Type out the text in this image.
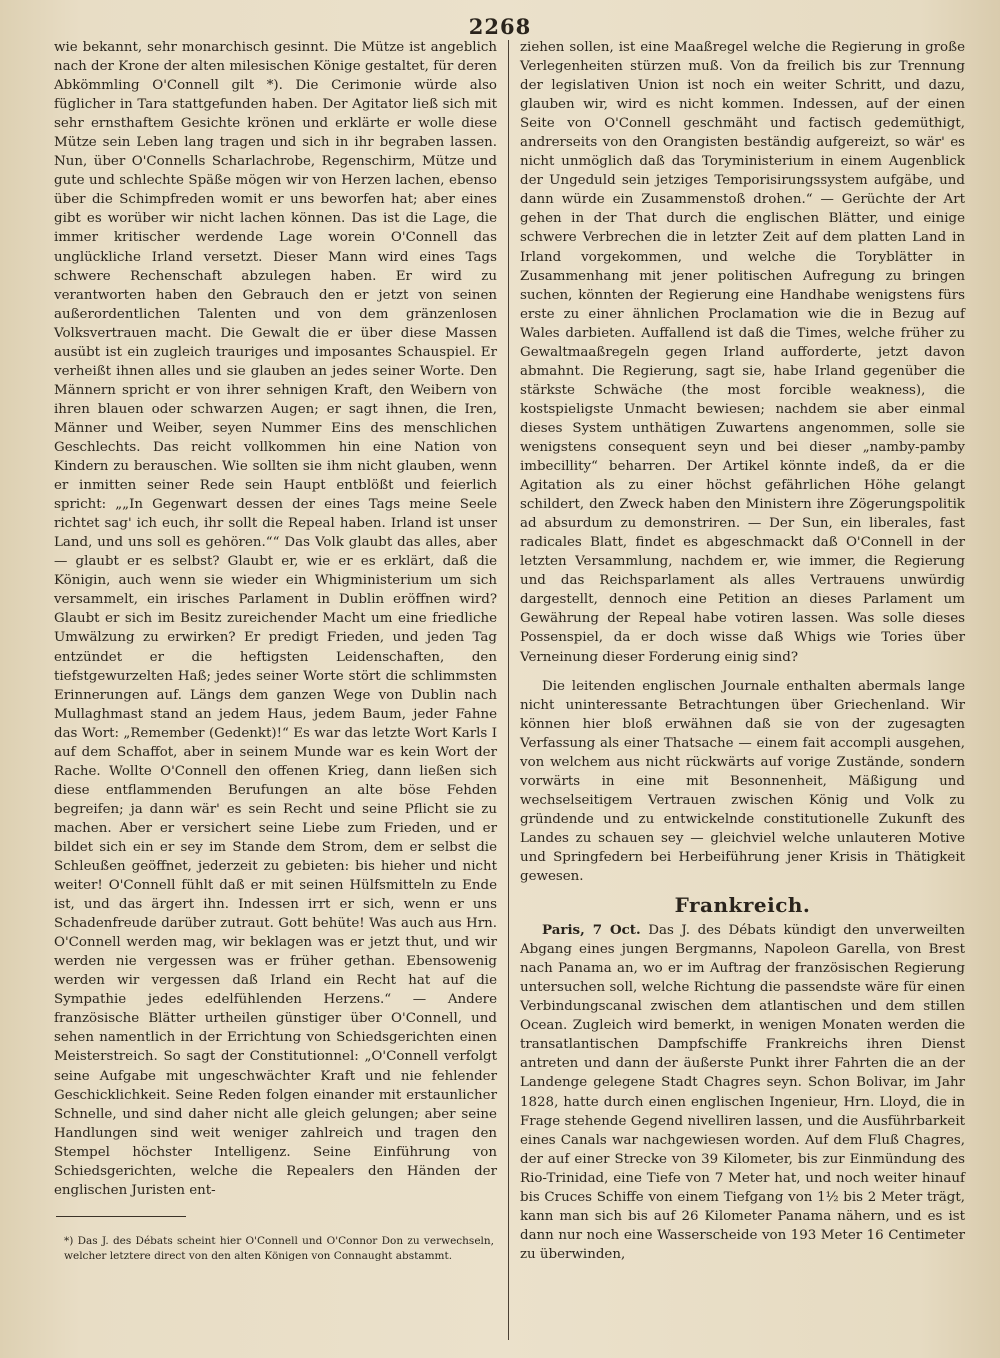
2268

wie bekannt, sehr monarchisch gesinnt. Die Mütze ist angeblich nach der Krone der alten milesischen Könige gestaltet, für deren Abkömmling O'Connell gilt *). Die Cerimonie würde also füglicher in Tara stattgefunden haben. Der Agitator ließ sich mit sehr ernsthaftem Gesichte krönen und erklärte er wolle diese Mütze sein Leben lang tragen und sich in ihr begraben lassen. Nun, über O'Connells Scharlachrobe, Regenschirm, Mütze und gute und schlechte Späße mögen wir von Herzen lachen, ebenso über die Schimpfreden womit er uns beworfen hat; aber eines gibt es worüber wir nicht lachen können. Das ist die Lage, die immer kritischer werdende Lage worein O'Connell das unglückliche Irland versetzt. Dieser Mann wird eines Tags schwere Rechenschaft abzulegen haben. Er wird zu verantworten haben den Gebrauch den er jetzt von seinen außerordentlichen Talenten und von dem gränzenlosen Volksvertrauen macht. Die Gewalt die er über diese Massen ausübt ist ein zugleich trauriges und imposantes Schauspiel. Er verheißt ihnen alles und sie glauben an jedes seiner Worte. Den Männern spricht er von ihrer sehnigen Kraft, den Weibern von ihren blauen oder schwarzen Augen; er sagt ihnen, die Iren, Männer und Weiber, seyen Nummer Eins des menschlichen Geschlechts. Das reicht vollkommen hin eine Nation von Kindern zu berauschen. Wie sollten sie ihm nicht glauben, wenn er inmitten seiner Rede sein Haupt entblößt und feierlich spricht: „„In Gegenwart dessen der eines Tags meine Seele richtet sag' ich euch, ihr sollt die Repeal haben. Irland ist unser Land, und uns soll es gehören.““ Das Volk glaubt das alles, aber — glaubt er es selbst? Glaubt er, wie er es erklärt, daß die Königin, auch wenn sie wieder ein Whigministerium um sich versammelt, ein irisches Parlament in Dublin eröffnen wird? Glaubt er sich im Besitz zureichender Macht um eine friedliche Umwälzung zu erwirken? Er predigt Frieden, und jeden Tag entzündet er die heftigsten Leidenschaften, den tiefstgewurzelten Haß; jedes seiner Worte stört die schlimmsten Erinnerungen auf. Längs dem ganzen Wege von Dublin nach Mullaghmast stand an jedem Haus, jedem Baum, jeder Fahne das Wort: „Remember (Gedenkt)!“ Es war das letzte Wort Karls I auf dem Schaffot, aber in seinem Munde war es kein Wort der Rache. Wollte O'Connell den offenen Krieg, dann ließen sich diese entflammenden Berufungen an alte böse Fehden begreifen; ja dann wär' es sein Recht und seine Pflicht sie zu machen. Aber er versichert seine Liebe zum Frieden, und er bildet sich ein er sey im Stande dem Strom, dem er selbst die Schleußen geöffnet, jederzeit zu gebieten: bis hieher und nicht weiter! O'Connell fühlt daß er mit seinen Hülfsmitteln zu Ende ist, und das ärgert ihn. Indessen irrt er sich, wenn er uns Schadenfreude darüber zutraut. Gott behüte! Was auch aus Hrn. O'Connell werden mag, wir beklagen was er jetzt thut, und wir werden nie vergessen was er früher gethan. Ebensowenig werden wir vergessen daß Irland ein Recht hat auf die Sympathie jedes edelfühlenden Herzens.“ — Andere französische Blätter urtheilen günstiger über O'Connell, und sehen namentlich in der Errichtung von Schiedsgerichten einen Meisterstreich. So sagt der Constitutionnel: „O'Connell verfolgt seine Aufgabe mit ungeschwächter Kraft und nie fehlender Geschicklichkeit. Seine Reden folgen einander mit erstaunlicher Schnelle, und sind daher nicht alle gleich gelungen; aber seine Handlungen sind weit weniger zahlreich und tragen den Stempel höchster Intelligenz. Seine Einführung von Schiedsgerichten, welche die Repealers den Händen der englischen Juristen ent-

*) Das J. des Débats scheint hier O'Connell und O'Connor Don zu verwechseln, welcher letztere direct von den alten Königen von Connaught abstammt.

ziehen sollen, ist eine Maaßregel welche die Regierung in große Verlegenheiten stürzen muß. Von da freilich bis zur Trennung der legislativen Union ist noch ein weiter Schritt, und dazu, glauben wir, wird es nicht kommen. Indessen, auf der einen Seite von O'Connell geschmäht und factisch gedemüthigt, andrerseits von den Orangisten beständig aufgereizt, so wär' es nicht unmöglich daß das Toryministerium in einem Augenblick der Ungeduld sein jetziges Temporisirungssystem aufgäbe, und dann würde ein Zusammenstoß drohen.“ — Gerüchte der Art gehen in der That durch die englischen Blätter, und einige schwere Verbrechen die in letzter Zeit auf dem platten Land in Irland vorgekommen, und welche die Toryblätter in Zusammenhang mit jener politischen Aufregung zu bringen suchen, könnten der Regierung eine Handhabe wenigstens fürs erste zu einer ähnlichen Proclamation wie die in Bezug auf Wales darbieten. Auffallend ist daß die Times, welche früher zu Gewaltmaaßregeln gegen Irland aufforderte, jetzt davon abmahnt. Die Regierung, sagt sie, habe Irland gegenüber die stärkste Schwäche (the most forcible weakness), die kostspieligste Unmacht bewiesen; nachdem sie aber einmal dieses System unthätigen Zuwartens angenommen, solle sie wenigstens consequent seyn und bei dieser „namby-pamby imbecillity“ beharren. Der Artikel könnte indeß, da er die Agitation als zu einer höchst gefährlichen Höhe gelangt schildert, den Zweck haben den Ministern ihre Zögerungspolitik ad absurdum zu demonstriren. — Der Sun, ein liberales, fast radicales Blatt, findet es abgeschmackt daß O'Connell in der letzten Versammlung, nachdem er, wie immer, die Regierung und das Reichsparlament als alles Vertrauens unwürdig dargestellt, dennoch eine Petition an dieses Parlament um Gewährung der Repeal habe votiren lassen. Was solle dieses Possenspiel, da er doch wisse daß Whigs wie Tories über Verneinung dieser Forderung einig sind?

Die leitenden englischen Journale enthalten abermals lange nicht uninteressante Betrachtungen über Griechenland. Wir können hier bloß erwähnen daß sie von der zugesagten Verfassung als einer Thatsache — einem fait accompli ausgehen, von welchem aus nicht rückwärts auf vorige Zustände, sondern vorwärts in eine mit Besonnenheit, Mäßigung und wechselseitigem Vertrauen zwischen König und Volk zu gründende und zu entwickelnde constitutionelle Zukunft des Landes zu schauen sey — gleichviel welche unlauteren Motive und Springfedern bei Herbeiführung jener Krisis in Thätigkeit gewesen.

Frankreich.

Paris, 7 Oct. Das J. des Débats kündigt den unverweilten Abgang eines jungen Bergmanns, Napoleon Garella, von Brest nach Panama an, wo er im Auftrag der französischen Regierung untersuchen soll, welche Richtung die passendste wäre für einen Verbindungscanal zwischen dem atlantischen und dem stillen Ocean. Zugleich wird bemerkt, in wenigen Monaten werden die transatlantischen Dampfschiffe Frankreichs ihren Dienst antreten und dann der äußerste Punkt ihrer Fahrten die an der Landenge gelegene Stadt Chagres seyn. Schon Bolivar, im Jahr 1828, hatte durch einen englischen Ingenieur, Hrn. Lloyd, die in Frage stehende Gegend nivelliren lassen, und die Ausführbarkeit eines Canals war nachgewiesen worden. Auf dem Fluß Chagres, der auf einer Strecke von 39 Kilometer, bis zur Einmündung des Rio-Trinidad, eine Tiefe von 7 Meter hat, und noch weiter hinauf bis Cruces Schiffe von einem Tiefgang von 1½ bis 2 Meter trägt, kann man sich bis auf 26 Kilometer Panama nähern, und es ist dann nur noch eine Wasserscheide von 193 Meter 16 Centimeter zu überwinden,
